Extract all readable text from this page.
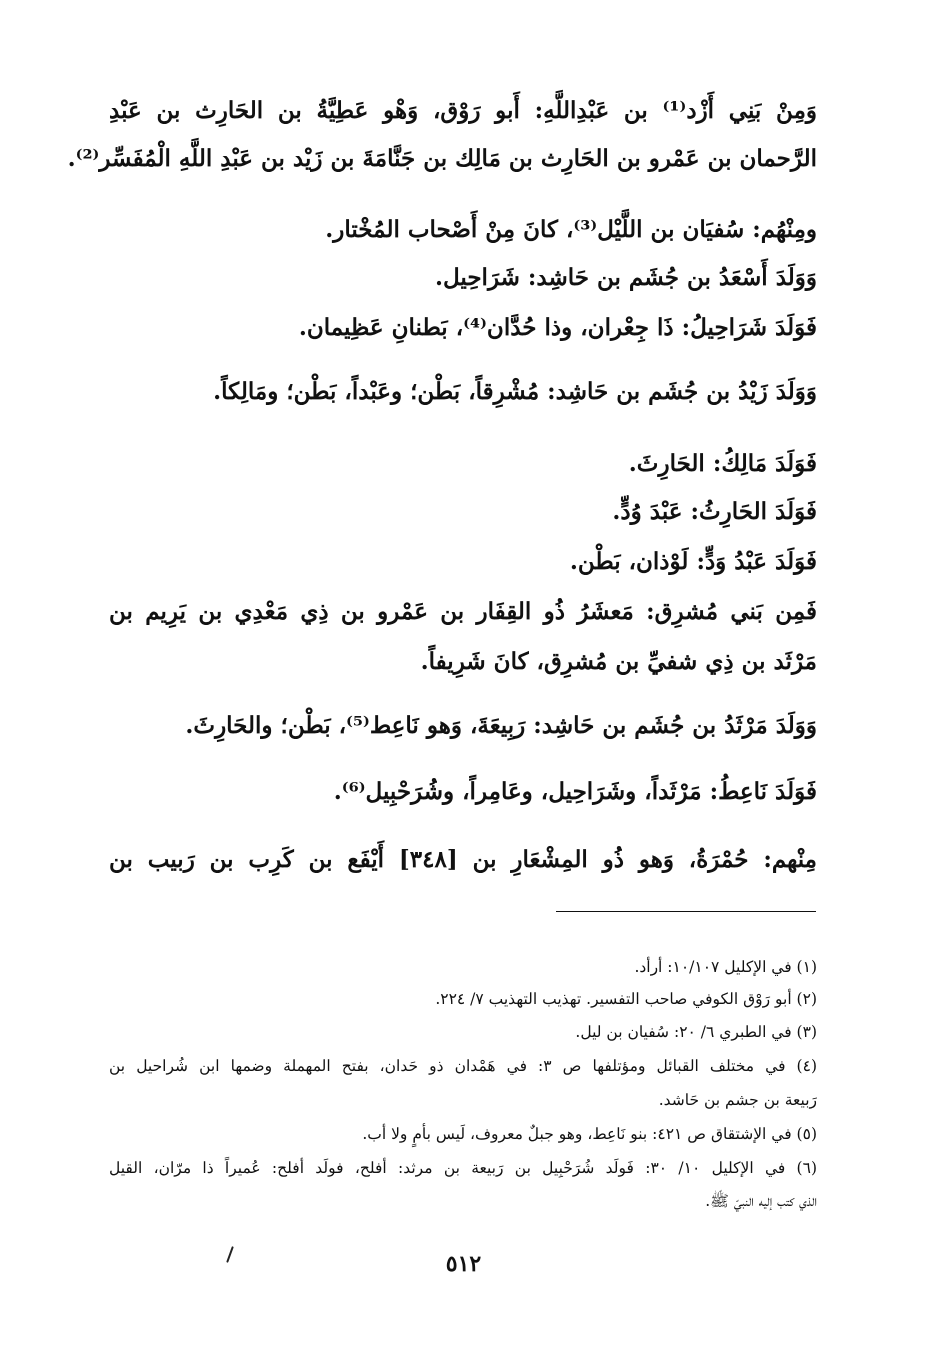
وَمِنْ بَنِي أَزْد⁽¹⁾ بن عَبْدِاللَّهِ: أَبو رَوْق، وَهْو عَطِيَّةُ بن الحَارِث بن عَبْدِ
الرَّحمان بن عَمْرو بن الحَارِث بن مَالِك بن جَنَّامَةَ بن زَيْد بن عَبْدِ اللَّهِ الْمُفَسِّر⁽²⁾.
ومِنْهُم: سُفيَان بن اللَّيْل⁽³⁾، كانَ مِنْ أَصْحاب المُخْتار.
وَوَلَدَ أَسْعَدُ بن جُشَم بن حَاشِد: شَرَاحِيل.
فَوَلَدَ شَرَاحِيلُ: ذَا جِعْران، وذا حُدَّان⁽⁴⁾، بَطنانِ عَظِيمان.
وَوَلَدَ زَيْدُ بن جُشَم بن حَاشِد: مُشْرِقاً، بَطْن؛ وعَبْداً، بَطْن؛ ومَالِكاً.
فَوَلَدَ مَالِكُ: الحَارِثَ.
فَوَلَدَ الحَارِثُ: عَبْدَ وُدٍّ.
فَوَلَدَ عَبْدُ وَدٍّ: لَوْذان، بَطْن.
فَمِن بَني مُشرِق: مَعشَرُ ذُو القِفَار بن عَمْرو بن ذِي مَعْدِي بن يَرِيم بن
مَرْثَد بن ذِي شفيِّ بن مُشرِق، كانَ شَرِيفاً.
وَوَلَدَ مَرْثَدُ بن جُشَم بن حَاشِد: رَبِيعَةَ، وَهو نَاعِط⁽⁵⁾، بَطْن؛ والحَارِثَ.
فَوَلَدَ نَاعِطُ: مَرْثَداً، وشَرَاحِيل، وعَامِراً، وشُرَحْبِيل⁽⁶⁾.
مِنْهم: حُمْرَةُ، وَهو ذُو المِشْعَارِ بن [٣٤٨] أَيْفَع بن كَرِب بن رَبيب بن
(١) في الإكليل ١٠/١٠٧: أرأد.
(٢) أبو رَوْق الكوفي صاحب التفسير. تهذيب التهذيب ٧/ ٢٢٤.
(٣) في الطبري ٦/ ٢٠: سُفيان بن ليل.
(٤) في مختلف القبائل ومؤتلفها ص ٣: في هَمْدان ذو حَدان، بفتح المهملة وضمها ابن شُراحيل بن
رَبيعة بن جشم بن حَاشد.
(٥) في الإشتقاق ص ٤٢١: بنو نَاعِط، وهو جبلٌ معروف، لَيس بأمٍ ولا أب.
(٦) في الإكليل ١٠/ ٣٠: فَولَد شُرَحْبِيل بن رَبيعة بن مرثد: أفلح، فولَد أفلح: عُميراً ذا مرّان، القيل
الذي كتب إليه النبيّ ﷺ.
٥١٢
